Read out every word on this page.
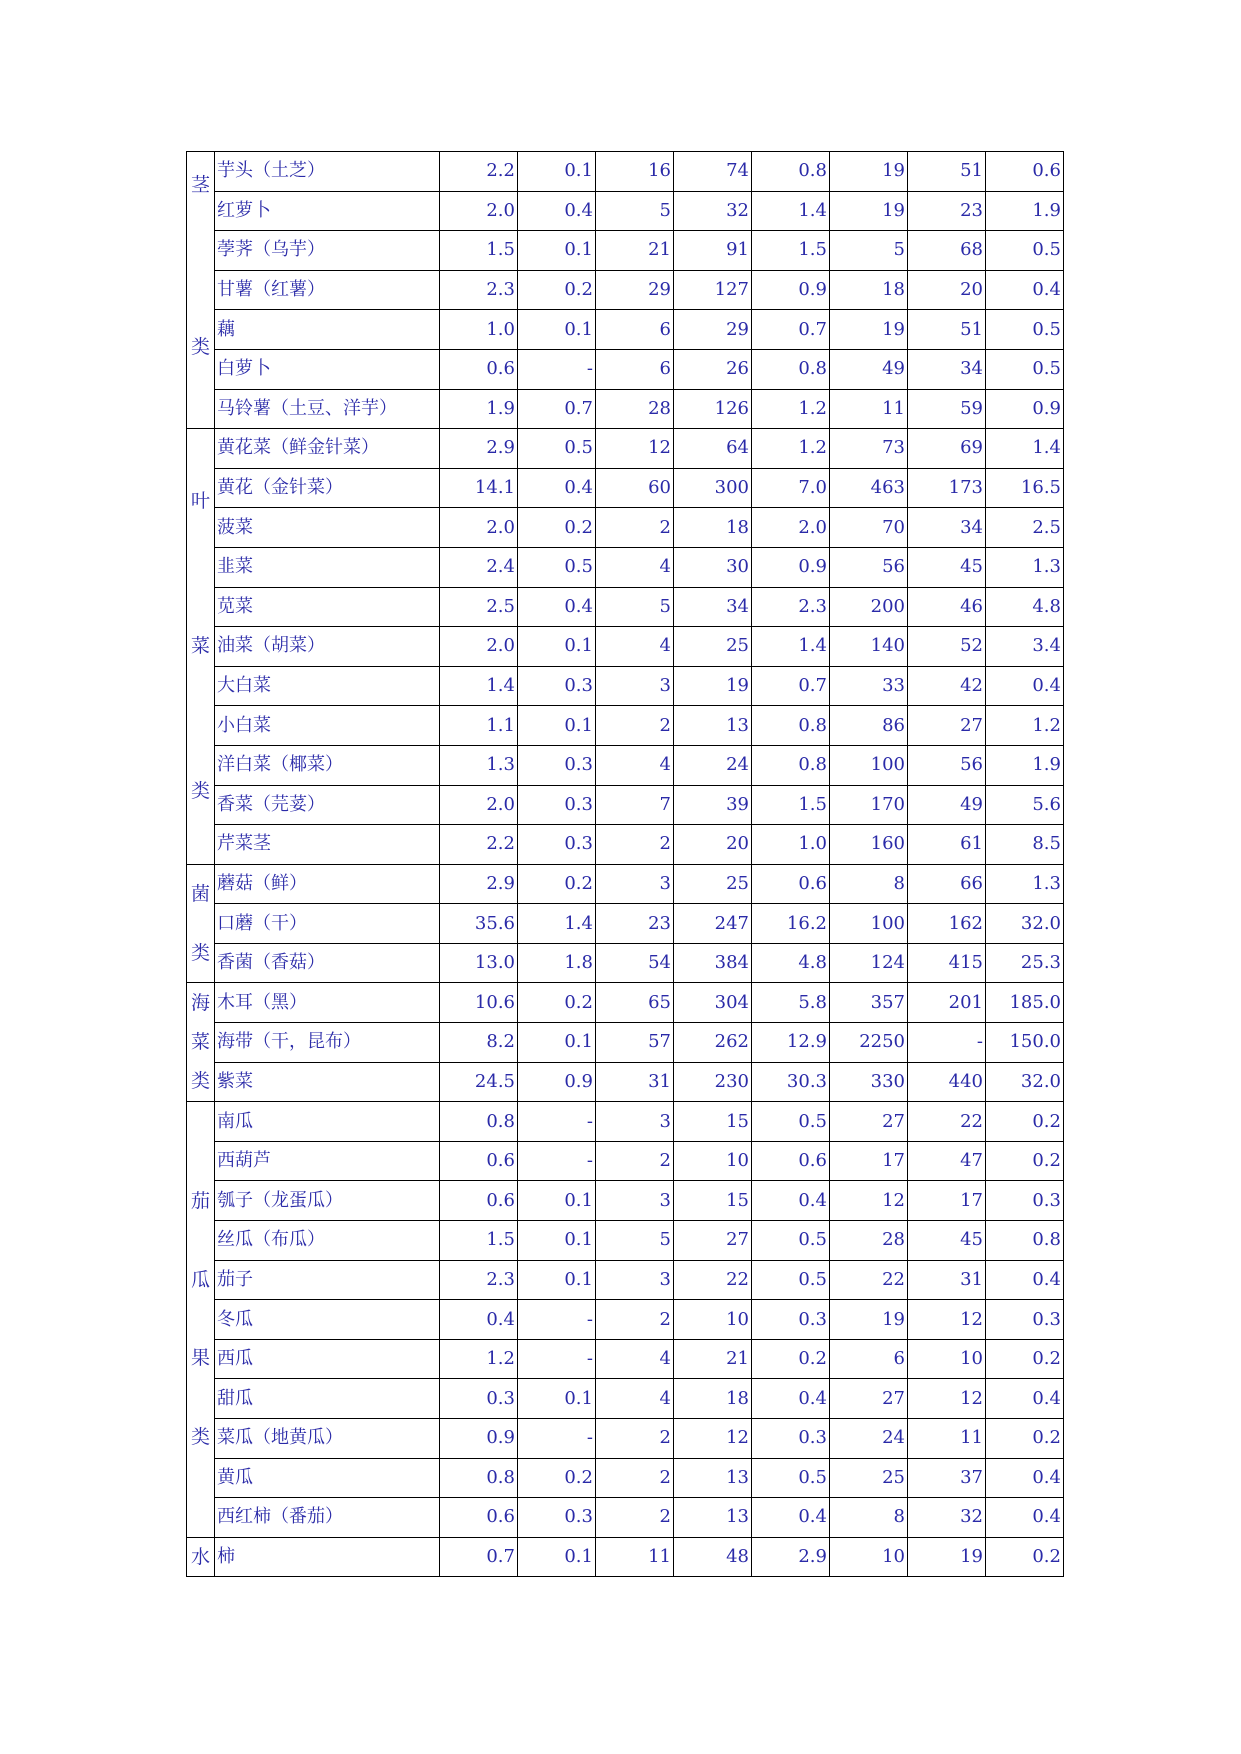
茎
类	芋头（土芝）	2.2	0.1	16	74	0.8	19	51	0.6
	红萝卜	2.0	0.4	5	32	1.4	19	23	1.9
	荸荠（乌芋）	1.5	0.1	21	91	1.5	5	68	0.5
	甘薯（红薯）	2.3	0.2	29	127	0.9	18	20	0.4
	藕	1.0	0.1	6	29	0.7	19	51	0.5
	白萝卜	0.6	-	6	26	0.8	49	34	0.5
	马铃薯（土豆、洋芋）	1.9	0.7	28	126	1.2	11	59	0.9

叶
菜
类	黄花菜（鲜金针菜）	2.9	0.5	12	64	1.2	73	69	1.4
	黄花（金针菜）	14.1	0.4	60	300	7.0	463	173	16.5
	菠菜	2.0	0.2	2	18	2.0	70	34	2.5
	韭菜	2.4	0.5	4	30	0.9	56	45	1.3
	苋菜	2.5	0.4	5	34	2.3	200	46	4.8
	油菜（胡菜）	2.0	0.1	4	25	1.4	140	52	3.4
	大白菜	1.4	0.3	3	19	0.7	33	42	0.4
	小白菜	1.1	0.1	2	13	0.8	86	27	1.2
	洋白菜（椰菜）	1.3	0.3	4	24	0.8	100	56	1.9
	香菜（芫荽）	2.0	0.3	7	39	1.5	170	49	5.6
	芹菜茎	2.2	0.3	2	20	1.0	160	61	8.5

菌
类	蘑菇（鲜）	2.9	0.2	3	25	0.6	8	66	1.3
	口蘑（干）	35.6	1.4	23	247	16.2	100	162	32.0
	香菌（香菇）	13.0	1.8	54	384	4.8	124	415	25.3

海
菜
类	木耳（黑）	10.6	0.2	65	304	5.8	357	201	185.0
	海带（干，昆布）	8.2	0.1	57	262	12.9	2250	-	150.0
	紫菜	24.5	0.9	31	230	30.3	330	440	32.0

茄
瓜
果
类	南瓜	0.8	-	3	15	0.5	27	22	0.2
	西葫芦	0.6	-	2	10	0.6	17	47	0.2
	瓠子（龙蛋瓜）	0.6	0.1	3	15	0.4	12	17	0.3
	丝瓜（布瓜）	1.5	0.1	5	27	0.5	28	45	0.8
	茄子	2.3	0.1	3	22	0.5	22	31	0.4
	冬瓜	0.4	-	2	10	0.3	19	12	0.3
	西瓜	1.2	-	4	21	0.2	6	10	0.2
	甜瓜	0.3	0.1	4	18	0.4	27	12	0.4
	菜瓜（地黄瓜）	0.9	-	2	12	0.3	24	11	0.2
	黄瓜	0.8	0.2	2	13	0.5	25	37	0.4
	西红柿（番茄）	0.6	0.3	2	13	0.4	8	32	0.4

水	柿	0.7	0.1	11	48	2.9	10	19	0.2
